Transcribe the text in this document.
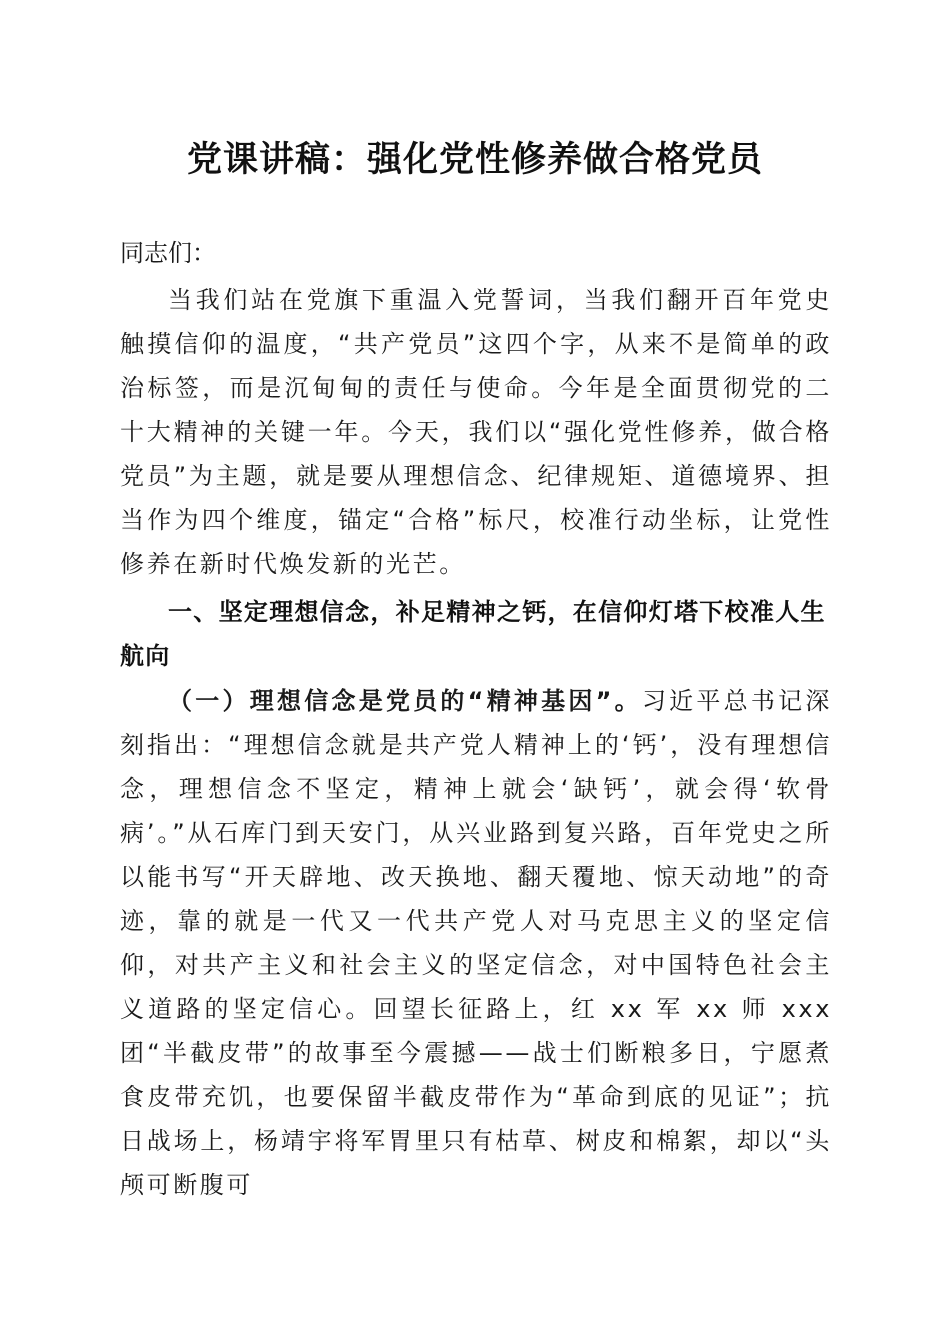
党课讲稿：强化党性修养做合格党员

同志们：

当我们站在党旗下重温入党誓词，当我们翻开百年党史触摸信仰的温度，“共产党员”这四个字，从来不是简单的政治标签，而是沉甸甸的责任与使命。今年是全面贯彻党的二十大精神的关键一年。今天，我们以“强化党性修养，做合格党员”为主题，就是要从理想信念、纪律规矩、道德境界、担当作为四个维度，锚定“合格”标尺，校准行动坐标，让党性修养在新时代焕发新的光芒。

一、坚定理想信念，补足精神之钙，在信仰灯塔下校准人生航向

（一）理想信念是党员的“精神基因”。习近平总书记深刻指出：“理想信念就是共产党人精神上的‘钙’，没有理想信念，理想信念不坚定，精神上就会‘缺钙’，就会得‘软骨病’。”从石库门到天安门，从兴业路到复兴路，百年党史之所以能书写“开天辟地、改天换地、翻天覆地、惊天动地”的奇迹，靠的就是一代又一代共产党人对马克思主义的坚定信仰，对共产主义和社会主义的坚定信念，对中国特色社会主义道路的坚定信心。回望长征路上，红 xx 军 xx 师 xxx 团“半截皮带”的故事至今震撼——战士们断粮多日，宁愿煮食皮带充饥，也要保留半截皮带作为“革命到底的见证”；抗日战场上，杨靖宇将军胃里只有枯草、树皮和棉絮，却以“头颅可断腹可
